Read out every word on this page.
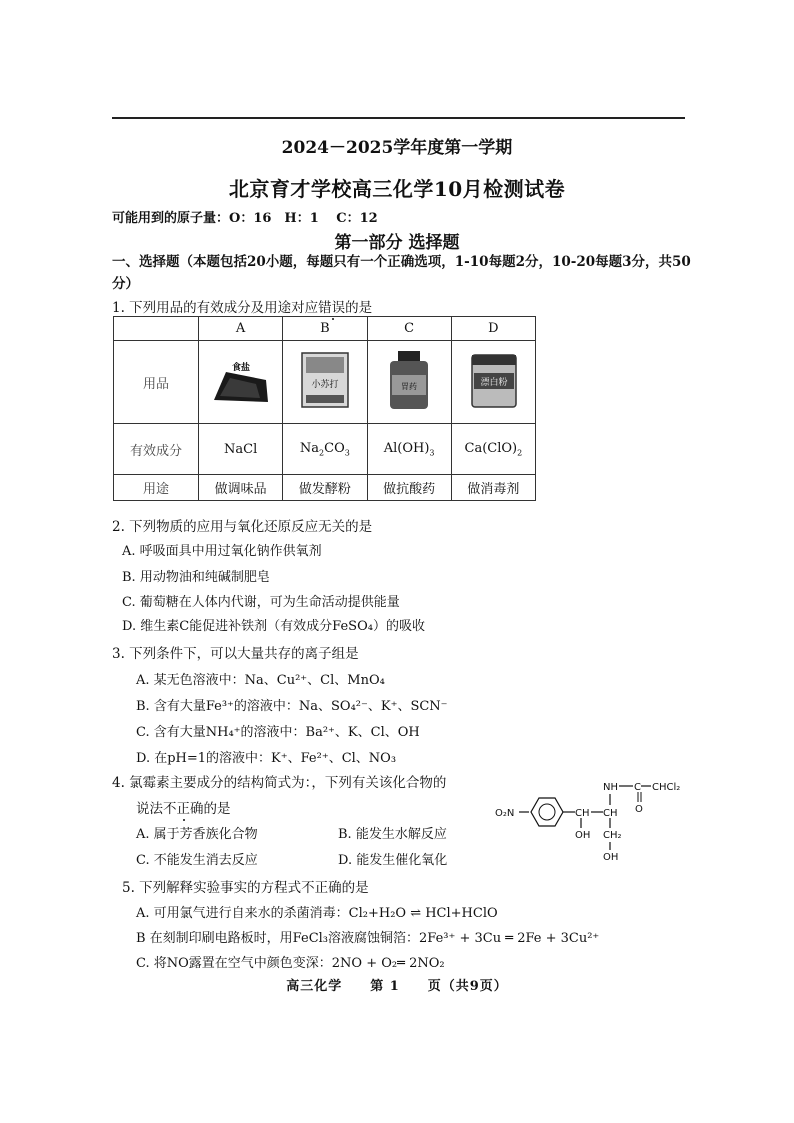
2024－2025学年度第一学期
北京育才学校高三化学10月检测试卷
可能用到的原子量：O：16　H：1　 C：12
第一部分 选择题
一、选择题（本题包括20小题，每题只有一个正确选项，1-10每题2分，10-20每题3分，共50分）
1. 下列用品的有效成分及用途对应错误的是
	A	B	C	D
用品	食盐	小苏打	胃药	漂白粉

有效成分	NaCl	$Na_2CO_3$	$Al(OH)_3$	$Ca(ClO)_2$
用途	做调味品	做发酵粉	做抗酸药	做消毒剂
2. 下列物质的应用与氧化还原反应无关的是
A. 呼吸面具中用过氧化钠作供氧剂
B. 用动物油和纯碱制肥皂
C. 葡萄糖在人体内代谢，可为生命活动提供能量
D. 维生素C能促进补铁剂（有效成分FeSO₄）的吸收
3. 下列条件下，可以大量共存的离子组是
A. 某无色溶液中：Na、Cu²⁺、Cl、MnO₄
B. 含有大量Fe³⁺的溶液中：Na、SO₄²⁻、K⁺、SCN⁻
C. 含有大量NH₄⁺的溶液中：Ba²⁺、K、Cl、OH
D. 在pH=1的溶液中：K⁺、Fe²⁺、Cl、NO₃
4. 氯霉素主要成分的结构简式为：，下列有关该化合物的
说法不正确的是
A. 属于芳香族化合物	B. 能发生水解反应
C. 不能发生消去反应	D. 能发生催化氧化
O₂N	CH CH
NH C CHCl₂
O
OH CH₂
OH
5. 下列解释实验事实的方程式不正确的是
A. 可用氯气进行自来水的杀菌消毒：Cl₂+H₂O ⇌ HCl+HClO
B 在刻制印刷电路板时，用FeCl₃溶液腐蚀铜箔：2Fe³⁺ + 3Cu ═ 2Fe + 3Cu²⁺
C. 将NO露置在空气中颜色变深：2NO + O₂═ 2NO₂
高三化学　　第 1　　页（共9页）
